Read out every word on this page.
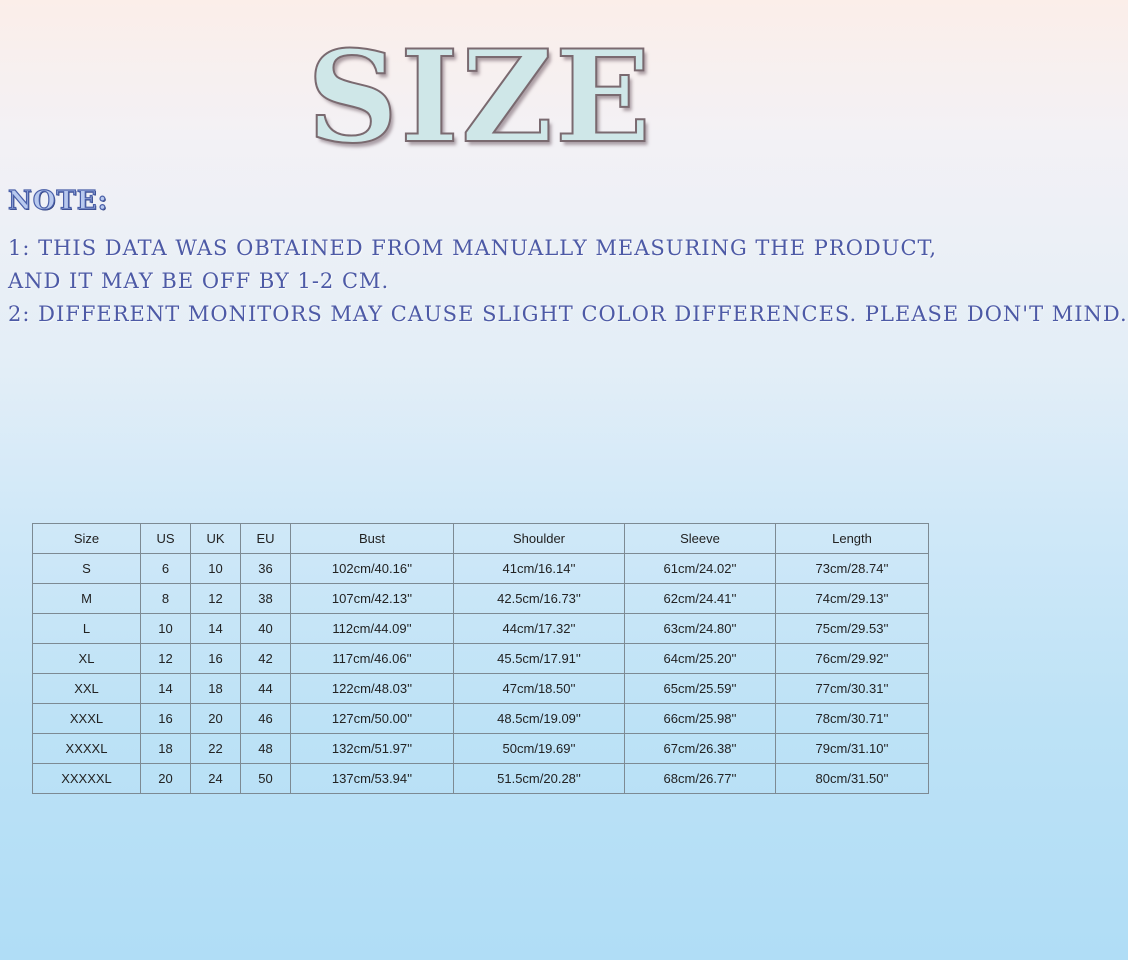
SIZE
NOTE:
1: THIS DATA WAS OBTAINED FROM MANUALLY MEASURING THE PRODUCT,
AND IT MAY BE OFF BY 1-2 CM.
2: DIFFERENT MONITORS MAY CAUSE SLIGHT COLOR DIFFERENCES. PLEASE DON'T MIND.
Size	US	UK	EU	Bust	Shoulder	Sleeve	Length
S	6	10	36	102cm/40.16''	41cm/16.14''	61cm/24.02''	73cm/28.74''
M	8	12	38	107cm/42.13''	42.5cm/16.73''	62cm/24.41''	74cm/29.13''
L	10	14	40	112cm/44.09''	44cm/17.32''	63cm/24.80''	75cm/29.53''
XL	12	16	42	117cm/46.06''	45.5cm/17.91''	64cm/25.20''	76cm/29.92''
XXL	14	18	44	122cm/48.03''	47cm/18.50''	65cm/25.59''	77cm/30.31''
XXXL	16	20	46	127cm/50.00''	48.5cm/19.09''	66cm/25.98''	78cm/30.71''
XXXXL	18	22	48	132cm/51.97''	50cm/19.69''	67cm/26.38''	79cm/31.10''
XXXXXL	20	24	50	137cm/53.94''	51.5cm/20.28''	68cm/26.77''	80cm/31.50''
